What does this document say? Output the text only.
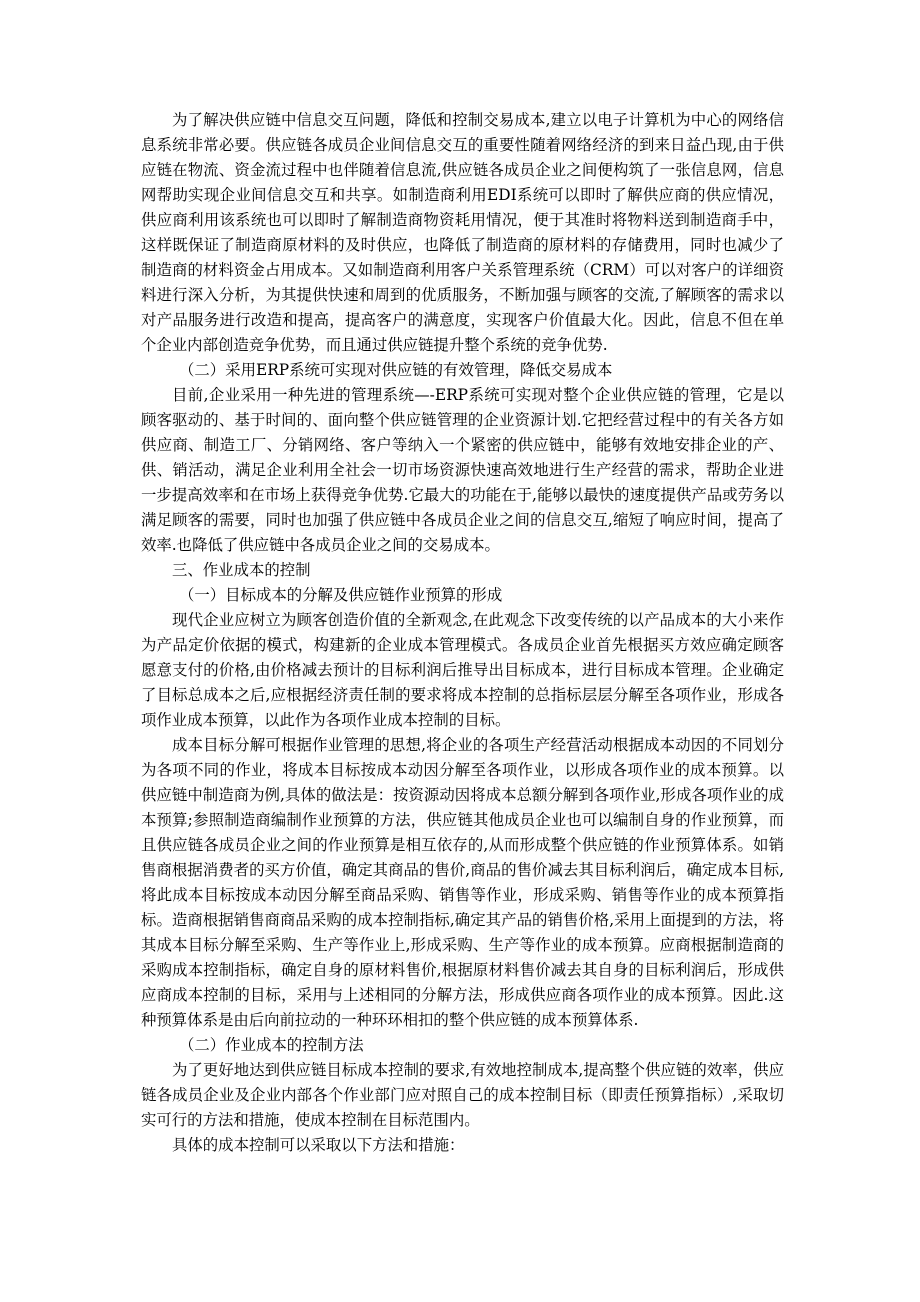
为了解决供应链中信息交互问题，降低和控制交易成本,建立以电子计算机为中心的网络信息系统非常必要。供应链各成员企业间信息交互的重要性随着网络经济的到来日益凸现,由于供应链在物流、资金流过程中也伴随着信息流,供应链各成员企业之间便构筑了一张信息网，信息网帮助实现企业间信息交互和共享。如制造商利用EDI系统可以即时了解供应商的供应情况，供应商利用该系统也可以即时了解制造商物资耗用情况，便于其准时将物料送到制造商手中，这样既保证了制造商原材料的及时供应，也降低了制造商的原材料的存储费用，同时也减少了制造商的材料资金占用成本。又如制造商利用客户关系管理系统（CRM）可以对客户的详细资料进行深入分析，为其提供快速和周到的优质服务，不断加强与顾客的交流,了解顾客的需求以对产品服务进行改造和提高，提高客户的满意度，实现客户价值最大化。因此，信息不但在单个企业内部创造竞争优势，而且通过供应链提升整个系统的竞争优势.

（二）采用ERP系统可实现对供应链的有效管理，降低交易成本

目前,企业采用一种先进的管理系统—-ERP系统可实现对整个企业供应链的管理，它是以顾客驱动的、基于时间的、面向整个供应链管理的企业资源计划.它把经营过程中的有关各方如供应商、制造工厂、分销网络、客户等纳入一个紧密的供应链中，能够有效地安排企业的产、供、销活动，满足企业利用全社会一切市场资源快速高效地进行生产经营的需求，帮助企业进一步提高效率和在市场上获得竞争优势.它最大的功能在于,能够以最快的速度提供产品或劳务以满足顾客的需要，同时也加强了供应链中各成员企业之间的信息交互,缩短了响应时间，提高了效率.也降低了供应链中各成员企业之间的交易成本。

三、作业成本的控制

（一）目标成本的分解及供应链作业预算的形成

现代企业应树立为顾客创造价值的全新观念,在此观念下改变传统的以产品成本的大小来作为产品定价依据的模式，构建新的企业成本管理模式。各成员企业首先根据买方效应确定顾客愿意支付的价格,由价格减去预计的目标利润后推导出目标成本，进行目标成本管理。企业确定了目标总成本之后,应根据经济责任制的要求将成本控制的总指标层层分解至各项作业，形成各项作业成本预算，以此作为各项作业成本控制的目标。

成本目标分解可根据作业管理的思想,将企业的各项生产经营活动根据成本动因的不同划分为各项不同的作业，将成本目标按成本动因分解至各项作业，以形成各项作业的成本预算。以供应链中制造商为例,具体的做法是：按资源动因将成本总额分解到各项作业,形成各项作业的成本预算;参照制造商编制作业预算的方法，供应链其他成员企业也可以编制自身的作业预算，而且供应链各成员企业之间的作业预算是相互依存的,从而形成整个供应链的作业预算体系。如销售商根据消费者的买方价值，确定其商品的售价,商品的售价减去其目标利润后，确定成本目标,将此成本目标按成本动因分解至商品采购、销售等作业，形成采购、销售等作业的成本预算指标。造商根据销售商商品采购的成本控制指标,确定其产品的销售价格,采用上面提到的方法，将其成本目标分解至采购、生产等作业上,形成采购、生产等作业的成本预算。应商根据制造商的采购成本控制指标，确定自身的原材料售价,根据原材料售价减去其自身的目标利润后，形成供应商成本控制的目标，采用与上述相同的分解方法，形成供应商各项作业的成本预算。因此.这种预算体系是由后向前拉动的一种环环相扣的整个供应链的成本预算体系.

（二）作业成本的控制方法

为了更好地达到供应链目标成本控制的要求,有效地控制成本,提高整个供应链的效率，供应链各成员企业及企业内部各个作业部门应对照自己的成本控制目标（即责任预算指标）,采取切实可行的方法和措施，使成本控制在目标范围内。

具体的成本控制可以采取以下方法和措施：
